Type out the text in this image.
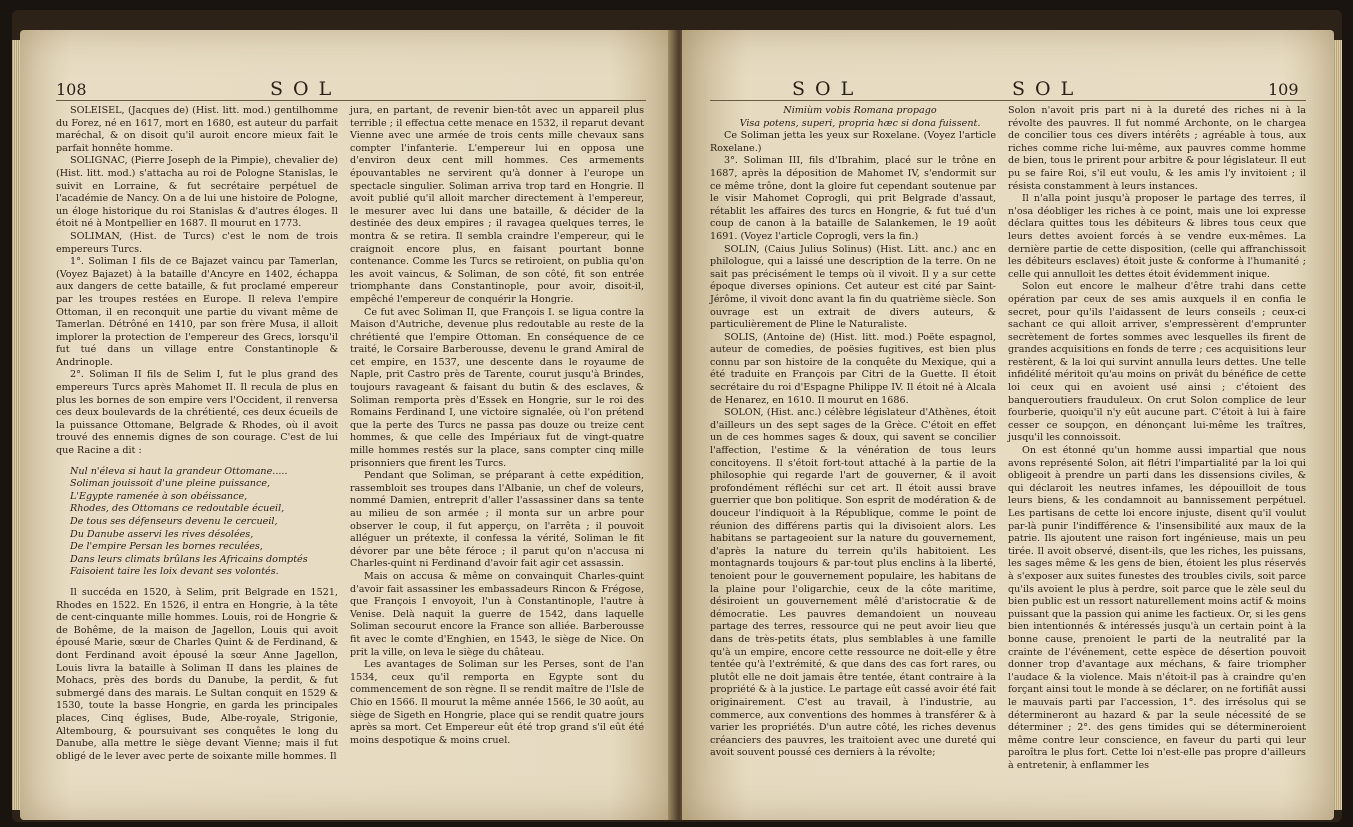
108	S O L

SOLEISEL, (Jacques de) (Hist. litt. mod.) gentilhomme du Forez, né en 1617, mort en 1680, est auteur du parfait maréchal, & on disoit qu'il auroit encore mieux fait le parfait honnête homme.

SOLIGNAC, (Pierre Joseph de la Pimpie), chevalier de) (Hist. litt. mod.) s'attacha au roi de Pologne Stanislas, le suivit en Lorraine, & fut secrétaire perpétuel de l'académie de Nancy. On a de lui une histoire de Pologne, un éloge historique du roi Stanislas & d'autres éloges. Il étoit né à Montpellier en 1687. Il mourut en 1773.

SOLIMAN, (Hist. de Turcs) c'est le nom de trois empereurs Turcs.

1°. Soliman I fils de ce Bajazet vaincu par Tamerlan, (Voyez Bajazet) à la bataille d'Ancyre en 1402, échappa aux dangers de cette bataille, & fut proclamé empereur par les troupes restées en Europe. Il releva l'empire Ottoman, il en reconquit une partie du vivant même de Tamerlan. Détrôné en 1410, par son frère Musa, il alloit implorer la protection de l'empereur des Grecs, lorsqu'il fut tué dans un village entre Constantinople & Andrinople.

2°. Soliman II fils de Selim I, fut le plus grand des empereurs Turcs après Mahomet II. Il recula de plus en plus les bornes de son empire vers l'Occident, il renversa ces deux boulevards de la chrétienté, ces deux écueils de la puissance Ottomane, Belgrade & Rhodes, où il avoit trouvé des ennemis dignes de son courage. C'est de lui que Racine a dit :

Nul n'éleva si haut la grandeur Ottomane.....
Soliman jouissoit d'une pleine puissance,
L'Egypte ramenée à son obéissance,
Rhodes, des Ottomans ce redoutable écueil,
De tous ses défenseurs devenu le cercueil,
Du Danube asservi les rives désolées,
De l'empire Persan les bornes reculées,
Dans leurs climats brûlans les Africains domptés
Faisoient taire les loix devant ses volontés.

Il succéda en 1520, à Selim, prit Belgrade en 1521, Rhodes en 1522. En 1526, il entra en Hongrie, à la tête de cent-cinquante mille hommes. Louis, roi de Hongrie & de Bohême, de la maison de Jagellon, Louis qui avoit épousé Marie, sœur de Charles Quint & de Ferdinand, & dont Ferdinand avoit épousé la sœur Anne Jagellon, Louis livra la bataille à Soliman II dans les plaines de Mohacs, près des bords du Danube, la perdit, & fut submergé dans des marais. Le Sultan conquit en 1529 & 1530, toute la basse Hongrie, en garda les principales places, Cinq églises, Bude, Albe-royale, Strigonie, Altembourg, & poursuivant ses conquêtes le long du Danube, alla mettre le siège devant Vienne; mais il fut obligé de le lever avec perte de soixante mille hommes. Il

jura, en partant, de revenir bien-tôt avec un appareil plus terrible ; il effectua cette menace en 1532, il reparut devant Vienne avec une armée de trois cents mille chevaux sans compter l'infanterie. L'empereur lui en opposa une d'environ deux cent mill hommes. Ces armements épouvantables ne servirent qu'à donner à l'europe un spectacle singulier. Soliman arriva trop tard en Hongrie. Il avoit publié qu'il alloit marcher directement à l'empereur, le mesurer avec lui dans une bataille, & décider de la destinée des deux empires ; il ravagea quelques terres, le montra & se retira. Il sembla craindre l'empereur, qui le craignoit encore plus, en faisant pourtant bonne contenance. Comme les Turcs se retiroient, on publia qu'on les avoit vaincus, & Soliman, de son côté, fit son entrée triomphante dans Constantinople, pour avoir, disoit-il, empêché l'empereur de conquérir la Hongrie.

Ce fut avec Soliman II, que François I. se ligua contre la Maison d'Autriche, devenue plus redoutable au reste de la chrétienté que l'empire Ottoman. En conséquence de ce traité, le Corsaire Barberousse, devenu le grand Amiral de cet empire, en 1537, une descente dans le royaume de Naple, prit Castro près de Tarente, courut jusqu'à Brindes, toujours ravageant & faisant du butin & des esclaves, & Soliman remporta près d'Essek en Hongrie, sur le roi des Romains Ferdinand I, une victoire signalée, où l'on prétend que la perte des Turcs ne passa pas douze ou treize cent hommes, & que celle des Impériaux fut de vingt-quatre mille hommes restés sur la place, sans compter cinq mille prisonniers que firent les Turcs.

Pendant que Soliman, se préparant à cette expédition, rassembloit ses troupes dans l'Albanie, un chef de voleurs, nommé Damien, entreprit d'aller l'assassiner dans sa tente au milieu de son armée ; il monta sur un arbre pour observer le coup, il fut apperçu, on l'arrêta ; il pouvoit alléguer un prétexte, il confessa la vérité, Soliman le fit dévorer par une bête féroce ; il parut qu'on n'accusa ni Charles-quint ni Ferdinand d'avoir fait agir cet assassin.

Mais on accusa & même on convainquit Charles-quint d'avoir fait assassiner les embassadeurs Rincon & Frégose, que François I envoyoit, l'un à Constantinople, l'autre à Venise. Delà naquit la guerre de 1542, dans laquelle Soliman secourut encore la France son alliée. Barberousse fit avec le comte d'Enghien, en 1543, le siège de Nice. On prit la ville, on leva le siège du château.

Les avantages de Soliman sur les Perses, sont de l'an 1534, ceux qu'il remporta en Egypte sont du commencement de son règne. Il se rendit maître de l'Isle de Chio en 1566. Il mourut la même année 1566, le 30 août, au siège de Sigeth en Hongrie, place qui se rendit quatre jours après sa mort. Cet Empereur eût été trop grand s'il eût été moins despotique & moins cruel.

S O L	S O L	109

Nimiùm vobis Romana propago

Visa potens, superi, propria hæc si dona fuissent.

Ce Soliman jetta les yeux sur Roxelane. (Voyez l'article Roxelane.)

3°. Soliman III, fils d'Ibrahim, placé sur le trône en 1687, après la déposition de Mahomet IV, s'endormit sur ce même trône, dont la gloire fut cependant soutenue par le visir Mahomet Coprogli, qui prit Belgrade d'assaut, rétablit les affaires des turcs en Hongrie, & fut tué d'un coup de canon à la bataille de Salankemen, le 19 août 1691. (Voyez l'article Coprogli, vers la fin.)

SOLIN, (Caius Julius Solinus) (Hist. Litt. anc.) anc en philologue, qui a laissé une description de la terre. On ne sait pas précisément le temps où il vivoit. Il y a sur cette époque diverses opinions. Cet auteur est cité par Saint-Jérôme, il vivoit donc avant la fin du quatrième siècle. Son ouvrage est un extrait de divers auteurs, & particulièrement de Pline le Naturaliste.

SOLIS, (Antoine de) (Hist. litt. mod.) Poëte espagnol, auteur de comedies, de poësies fugitives, est bien plus connu par son histoire de la conquête du Mexique, qui a été traduite en François par Citri de la Guette. Il étoit secrétaire du roi d'Espagne Philippe IV. Il étoit né à Alcala de Henarez, en 1610. Il mourut en 1686.

SOLON, (Hist. anc.) célèbre législateur d'Athènes, étoit d'ailleurs un des sept sages de la Grèce. C'étoit en effet un de ces hommes sages & doux, qui savent se concilier l'affection, l'estime & la vénération de tous leurs concitoyens. Il s'étoit fort-tout attaché à la partie de la philosophie qui regarde l'art de gouverner, & il avoit profondément réfléchi sur cet art. Il étoit aussi brave guerrier que bon politique. Son esprit de modération & de douceur l'indiquoit à la République, comme le point de réunion des différens partis qui la divisoient alors. Les habitans se partageoient sur la nature du gouvernement, d'après la nature du terrein qu'ils habitoient. Les montagnards toujours & par-tout plus enclins à la liberté, tenoient pour le gouvernement populaire, les habitans de la plaine pour l'oligarchie, ceux de la côte maritime, désiroient un gouvernement mêlé d'aristocratie & de démocratie. Les pauvres demandoient un nouveau partage des terres, ressource qui ne peut avoir lieu que dans de très-petits états, plus semblables à une famille qu'à un empire, encore cette ressource ne doit-elle y être tentée qu'à l'extrémité, & que dans des cas fort rares, ou plutôt elle ne doit jamais être tentée, étant contraire à la propriété & à la justice. Le partage eût cassé avoir été fait originairement. C'est au travail, à l'industrie, au commerce, aux conventions des hommes à transférer & à varier les propriétés. D'un autre côté, les riches devenus créanciers des pauvres, les traitoient avec une dureté qui avoit souvent poussé ces derniers à la révolte;

Solon n'avoit pris part ni à la dureté des riches ni à la révolte des pauvres. Il fut nommé Archonte, on le chargea de concilier tous ces divers intérêts ; agréable à tous, aux riches comme riche lui-même, aux pauvres comme homme de bien, tous le prirent pour arbitre & pour législateur. Il eut pu se faire Roi, s'il eut voulu, & les amis l'y invitoient ; il résista constamment à leurs instances.

Il n'alla point jusqu'à proposer le partage des terres, il n'osa déobliger les riches à ce point, mais une loi expresse déclara quittes tous les débiteurs & libres tous ceux que leurs dettes avoient forcés à se vendre eux-mêmes. La dernière partie de cette disposition, (celle qui affranchissoit les débiteurs esclaves) étoit juste & conforme à l'humanité ; celle qui annulloit les dettes étoit évidemment inique.

Solon eut encore le malheur d'être trahi dans cette opération par ceux de ses amis auxquels il en confia le secret, pour qu'ils l'aidassent de leurs conseils ; ceux-ci sachant ce qui alloit arriver, s'empressèrent d'emprunter secrètement de fortes sommes avec lesquelles ils firent de grandes acquisitions en fonds de terre ; ces acquisitions leur restèrent, & la loi qui survint annulla leurs dettes. Une telle infidélité méritoit qu'au moins on privât du bénéfice de cette loi ceux qui en avoient usé ainsi ; c'étoient des banqueroutiers frauduleux. On crut Solon complice de leur fourberie, quoiqu'il n'y eût aucune part. C'étoit à lui à faire cesser ce soupçon, en dénonçant lui-même les traîtres, jusqu'il les connoissoit.

On est étonné qu'un homme aussi impartial que nous avons représenté Solon, ait flétri l'impartialité par la loi qui obligeoit à prendre un parti dans les dissensions civiles, & qui déclaroit les neutres infames, les dépouilloit de tous leurs biens, & les condamnoit au bannissement perpétuel. Les partisans de cette loi encore injuste, disent qu'il voulut par-là punir l'indifférence & l'insensibilité aux maux de la patrie. Ils ajoutent une raison fort ingénieuse, mais un peu tirée. Il avoit observé, disent-ils, que les riches, les puissans, les sages même & les gens de bien, étoient les plus réservés à s'exposer aux suites funestes des troubles civils, soit parce qu'ils avoient le plus à perdre, soit parce que le zèle seul du bien public est un ressort naturellement moins actif & moins puissant que la passion qui anime les factieux. Or, si les gens bien intentionnés & intéressés jusqu'à un certain point à la bonne cause, prenoient le parti de la neutralité par la crainte de l'événement, cette espèce de désertion pouvoit donner trop d'avantage aux méchans, & faire triompher l'audace & la violence. Mais n'étoit-il pas à craindre qu'en forçant ainsi tout le monde à se déclarer, on ne fortifiât aussi le mauvais parti par l'accession, 1°. des irrésolus qui se détermineront au hazard & par la seule nécessité de se déterminer ; 2°. des gens timides qui se détermineroient même contre leur conscience, en faveur du parti qui leur paroîtra le plus fort. Cette loi n'est-elle pas propre d'ailleurs à entretenir, à enflammer les
